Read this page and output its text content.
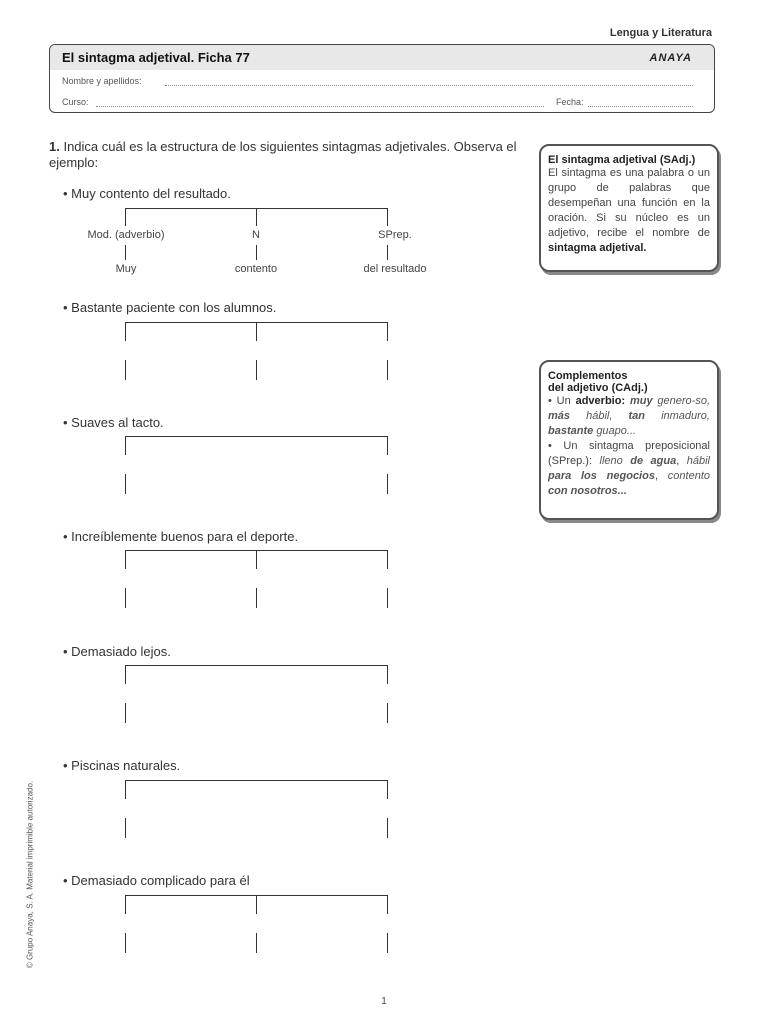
Lengua y Literatura
El sintagma adjetival. Ficha 77	ANAYA
Nombre y apellidos:
Curso:	Fecha:
1. Indica cuál es la estructura de los siguientes sintagmas adjetivales. Observa el ejemplo:
• Muy contento del resultado.
Mod. (adverbio)	N	SPrep.
Muy	contento	del resultado
• Bastante paciente con los alumnos.
• Suaves al tacto.
• Increíblemente buenos para el deporte.
• Demasiado lejos.
• Piscinas naturales.
• Demasiado complicado para él
El sintagma adjetival (SAdj.)
El sintagma es una palabra o un grupo de palabras que desempeñan una función en la oración. Si su núcleo es un adjetivo, recibe el nombre de sintagma adjetival.
Complementos
del adjetivo (CAdj.)
• Un adverbio: muy genero-so, más hábil, tan inmaduro, bastante guapo...
• Un sintagma preposicional (SPrep.): lleno de agua, hábil para los negocios, contento con nosotros...
© Grupo Anaya, S. A. Material imprimible autorizado.
1
